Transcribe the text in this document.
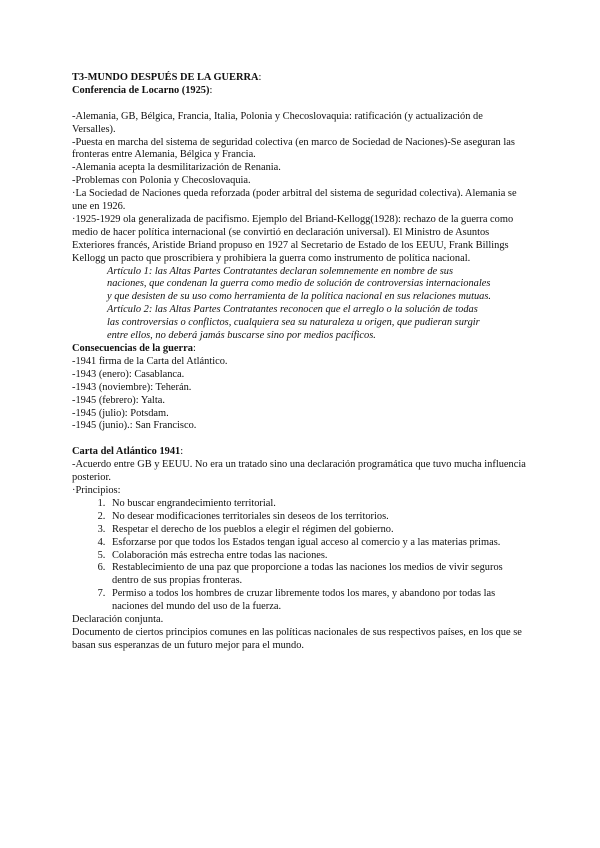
T3-MUNDO DESPUÉS DE LA GUERRA:

Conferencia de Locarno (1925):

-Alemania, GB, Bélgica, Francia, Italia, Polonia y Checoslovaquia: ratificación (y actualización de Versalles).

-Puesta en marcha del sistema de seguridad colectiva (en marco de Sociedad de Naciones)-Se aseguran las fronteras entre Alemania, Bélgica y Francia.

-Alemania acepta la desmilitarización de Renania.

-Problemas con Polonia y Checoslovaquia.

·La Sociedad de Naciones queda reforzada (poder arbitral del sistema de seguridad colectiva). Alemania se une en 1926.

·1925-1929 ola generalizada de pacifismo. Ejemplo del Briand-Kellogg(1928): rechazo de la guerra como medio de hacer política internacional (se convirtió en declaración universal). El Ministro de Asuntos Exteriores francés, Aristide Briand propuso en 1927 al Secretario de Estado de los EEUU, Frank Billings Kellogg un pacto que proscribiera y prohibiera la guerra como instrumento de política nacional.

Artículo 1: las Altas Partes Contratantes declaran solemnemente en nombre de sus

naciones, que condenan la guerra como medio de solución de controversias internacionales

y que desisten de su uso como herramienta de la política nacional en sus relaciones mutuas.

Artículo 2: las Altas Partes Contratantes reconocen que el arreglo o la solución de todas

las controversias o conflictos, cualquiera sea su naturaleza u origen, que pudieran surgir

entre ellos, no deberá jamás buscarse sino por medios pacíficos.

Consecuencias de la guerra:

-1941 firma de la Carta del Atlántico.

-1943 (enero): Casablanca.

-1943 (noviembre): Teherán.

-1945 (febrero): Yalta.

-1945 (julio): Potsdam.

-1945 (junio).: San Francisco.

Carta del Atlántico 1941:

-Acuerdo entre GB y EEUU. No era un tratado sino una declaración programática que tuvo mucha influencia posterior.

·Principios:

1. No buscar engrandecimiento territorial.
2. No desear modificaciones territoriales sin deseos de los territorios.
3. Respetar el derecho de los pueblos a elegir el régimen del gobierno.
4. Esforzarse por que todos los Estados tengan igual acceso al comercio y a las materias primas.
5. Colaboración más estrecha entre todas las naciones.
6. Restablecimiento de una paz que proporcione a todas las naciones los medios de vivir seguros dentro de sus propias fronteras.
7. Permiso a todos los hombres de cruzar libremente todos los mares, y abandono por todas las naciones del mundo del uso de la fuerza.

Declaración conjunta.

Documento de ciertos principios comunes en las políticas nacionales de sus respectivos países, en los que se basan sus esperanzas de un futuro mejor para el mundo.
